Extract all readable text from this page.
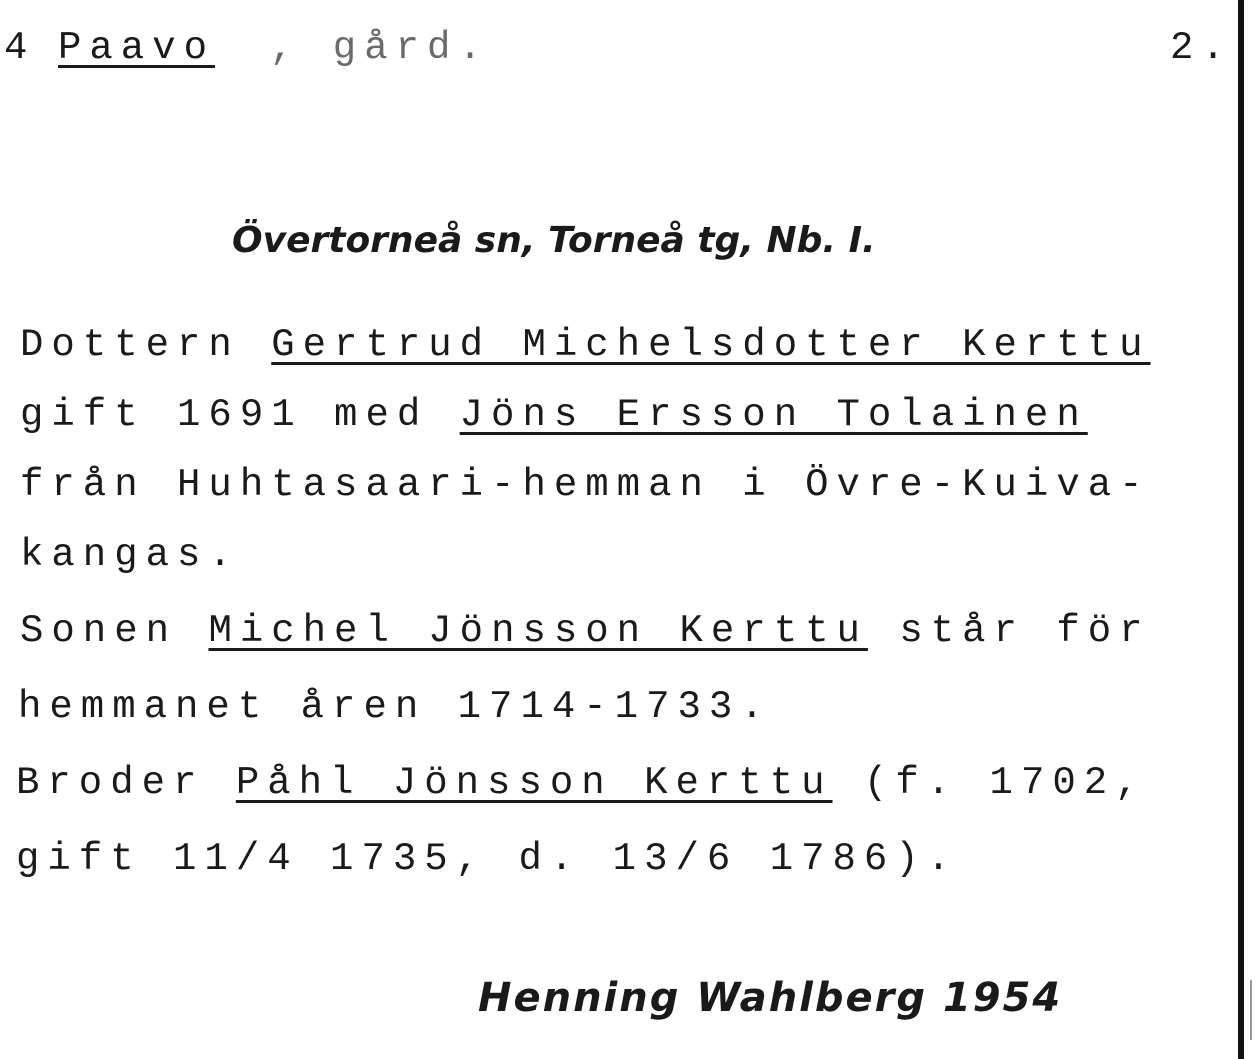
4 Paavo , gård.	2.
Övertorneå sn, Torneå tg, Nb. I.
Dottern Gertrud Michelsdotter Kerttu
gift 1691 med Jöns Ersson Tolainen
från Huhtasaari-hemman i Övre-Kuiva-
kangas.
Sonen Michel Jönsson Kerttu står för
hemmanet åren 1714-1733.
Broder Påhl Jönsson Kerttu (f. 1702,
gift 11/4 1735, d. 13/6 1786).
Henning Wahlberg 1954
